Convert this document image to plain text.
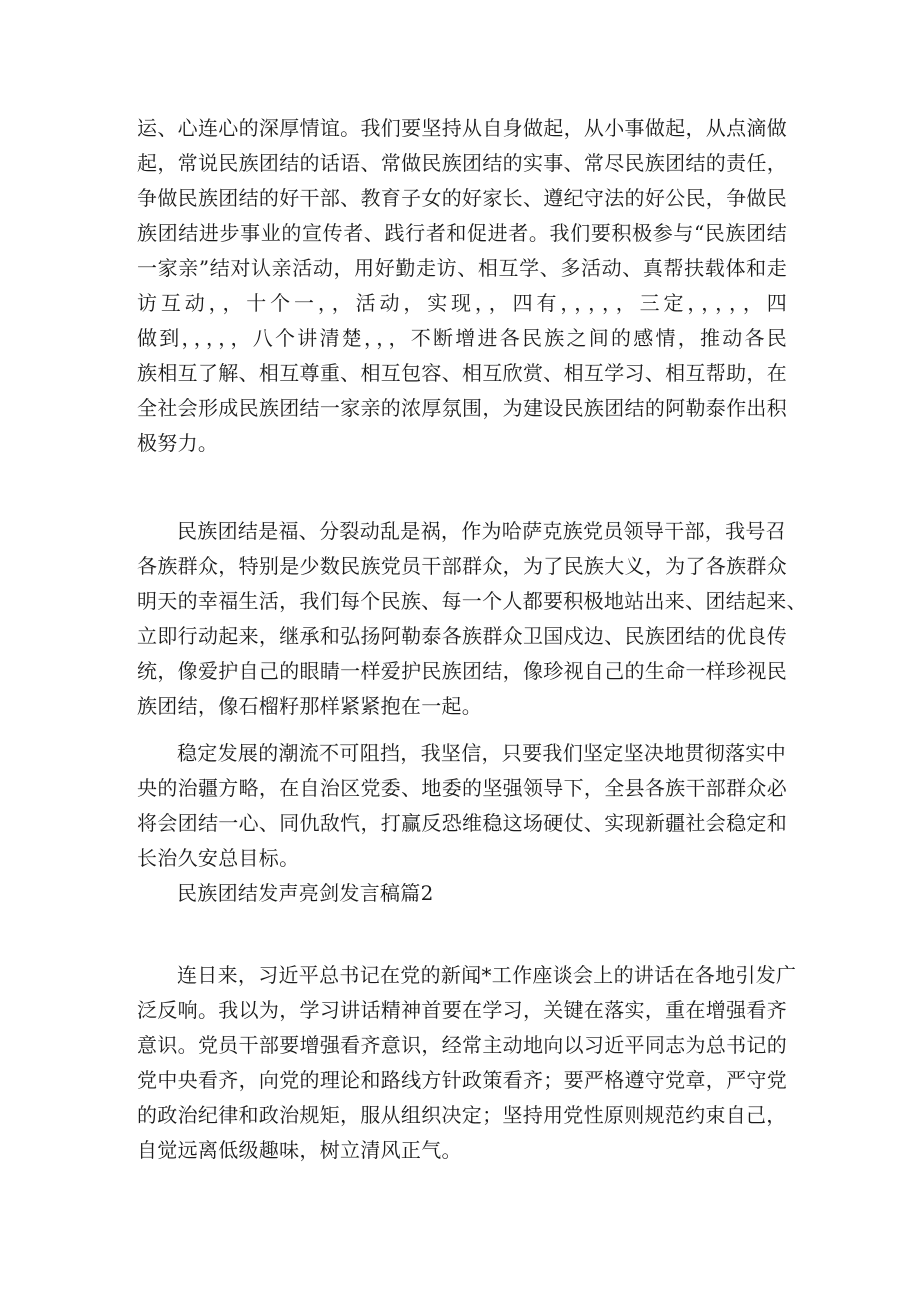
运、心连心的深厚情谊。我们要坚持从自身做起，从小事做起，从点滴做
起，常说民族团结的话语、常做民族团结的实事、常尽民族团结的责任，
争做民族团结的好干部、教育子女的好家长、遵纪守法的好公民，争做民
族团结进步事业的宣传者、践行者和促进者。我们要积极参与“民族团结
一家亲”结对认亲活动，用好勤走访、相互学、多活动、真帮扶载体和走
访互动，，十个一，，活动，实现，，四有，，，，，三定，，，，，四
做到，，，，，八个讲清楚，，，不断增进各民族之间的感情，推动各民
族相互了解、相互尊重、相互包容、相互欣赏、相互学习、相互帮助，在
全社会形成民族团结一家亲的浓厚氛围，为建设民族团结的阿勒泰作出积
极努力。
民族团结是福、分裂动乱是祸，作为哈萨克族党员领导干部，我号召
各族群众，特别是少数民族党员干部群众，为了民族大义，为了各族群众
明天的幸福生活，我们每个民族、每一个人都要积极地站出来、团结起来、
立即行动起来，继承和弘扬阿勒泰各族群众卫国戍边、民族团结的优良传
统，像爱护自己的眼睛一样爱护民族团结，像珍视自己的生命一样珍视民
族团结，像石榴籽那样紧紧抱在一起。
稳定发展的潮流不可阻挡，我坚信，只要我们坚定坚决地贯彻落实中
央的治疆方略，在自治区党委、地委的坚强领导下，全县各族干部群众必
将会团结一心、同仇敌忾，打赢反恐维稳这场硬仗、实现新疆社会稳定和
长治久安总目标。
民族团结发声亮剑发言稿篇2
连日来，习近平总书记在党的新闻*工作座谈会上的讲话在各地引发广
泛反响。我以为，学习讲话精神首要在学习，关键在落实，重在增强看齐
意识。党员干部要增强看齐意识，经常主动地向以习近平同志为总书记的
党中央看齐，向党的理论和路线方针政策看齐；要严格遵守党章，严守党
的政治纪律和政治规矩，服从组织决定；坚持用党性原则规范约束自己，
自觉远离低级趣味，树立清风正气。
